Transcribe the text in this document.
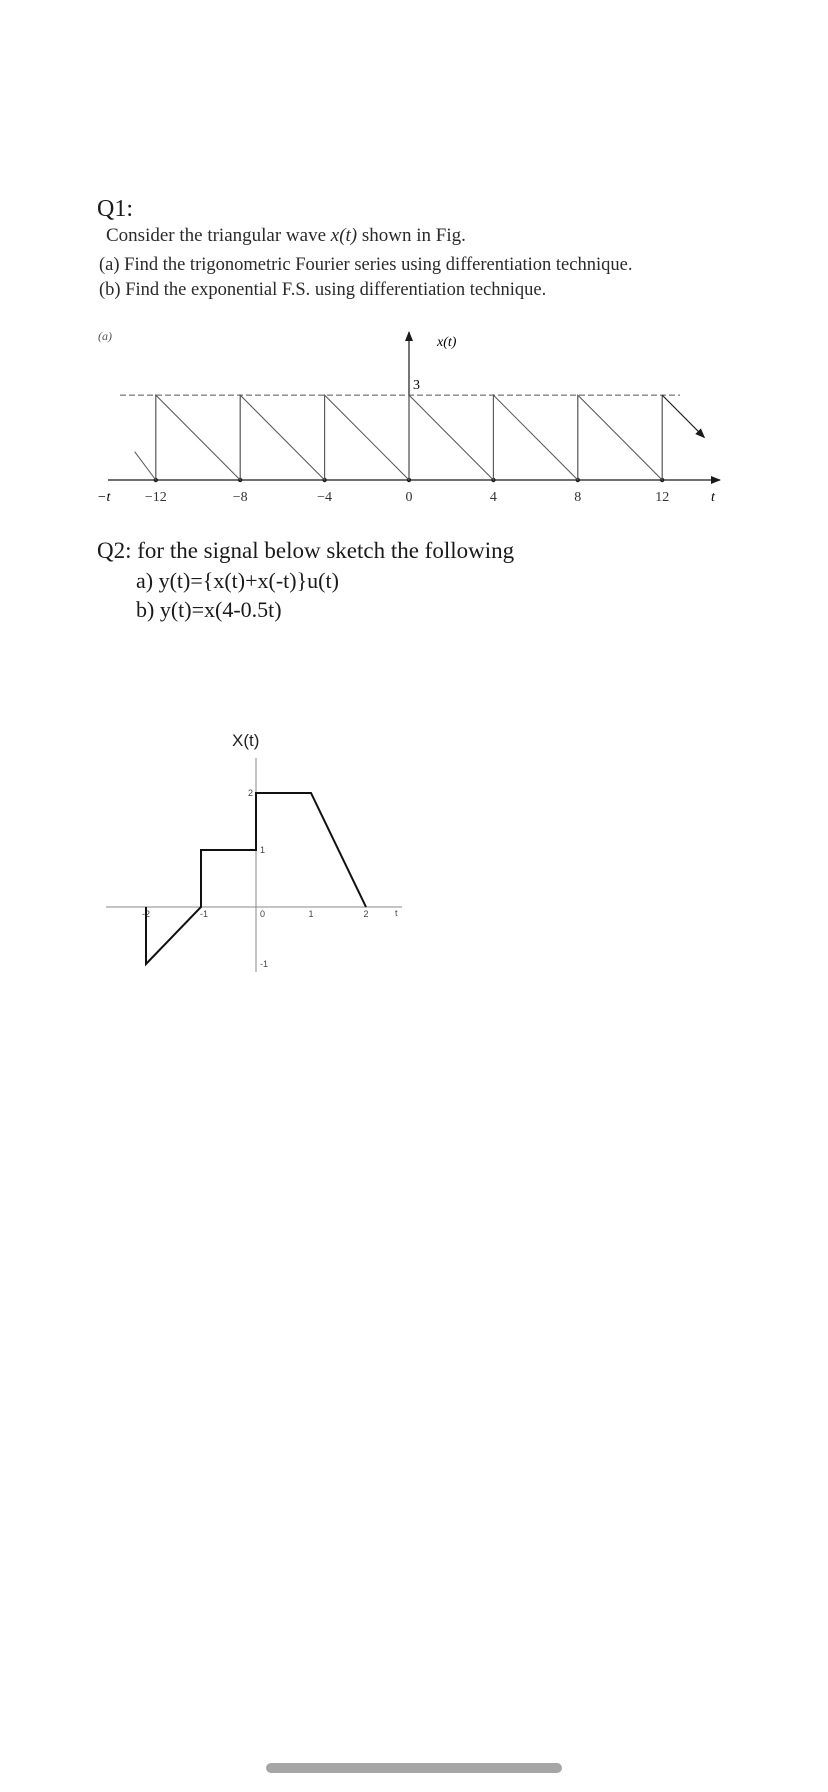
Q1:
Consider the triangular wave x(t) shown in Fig.
(a) Find the trigonometric Fourier series using differentiation technique.
(b) Find the exponential F.S. using differentiation technique.
−12	−8	−4	0	4	8	12
(a)	x(t)
3
−t	t
Q2: for the signal below sketch the following
a) y(t)={x(t)+x(-t)}u(t)
b) y(t)=x(4-0.5t)
-2	-1	0	1	2
-1
1
2
X(t)
t
